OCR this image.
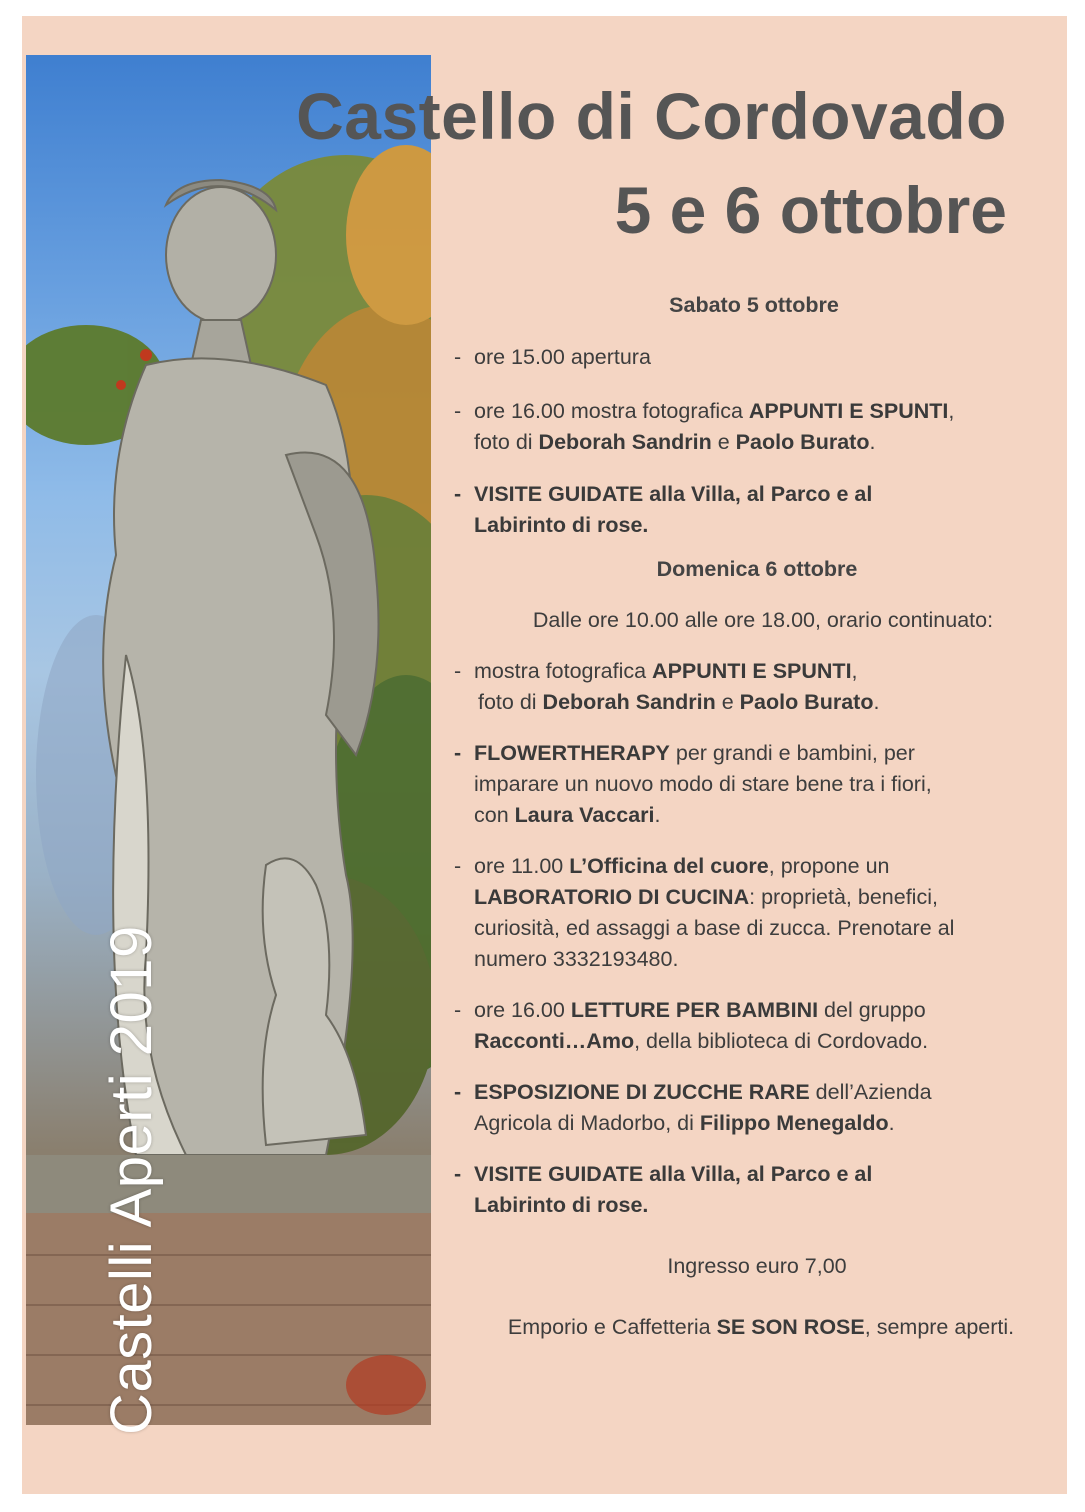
Castelli Aperti 2019
Castello di Cordovado
5 e 6 ottobre
Sabato 5 ottobre
- ore 15.00 apertura
- ore 16.00 mostra fotografica APPUNTI E SPUNTI,
foto di Deborah Sandrin e Paolo Burato.
- VISITE GUIDATE alla Villa, al Parco e al
Labirinto di rose.
Domenica 6 ottobre
Dalle ore 10.00 alle ore 18.00, orario continuato:
- mostra fotografica APPUNTI E SPUNTI,
foto di Deborah Sandrin e Paolo Burato.
- FLOWERTHERAPY per grandi e bambini, per
imparare un nuovo modo di stare bene tra i fiori,
con Laura Vaccari.
- ore 11.00 L’Officina del cuore, propone un
LABORATORIO DI CUCINA: proprietà, benefici,
curiosità, ed assaggi a base di zucca. Prenotare al
numero 3332193480.
- ore 16.00 LETTURE PER BAMBINI del gruppo
Racconti…Amo, della biblioteca di Cordovado.
- ESPOSIZIONE DI ZUCCHE RARE dell’Azienda
Agricola di Madorbo, di Filippo Menegaldo.
- VISITE GUIDATE alla Villa, al Parco e al
Labirinto di rose.
Ingresso euro 7,00
Emporio e Caffetteria SE SON ROSE, sempre aperti.
